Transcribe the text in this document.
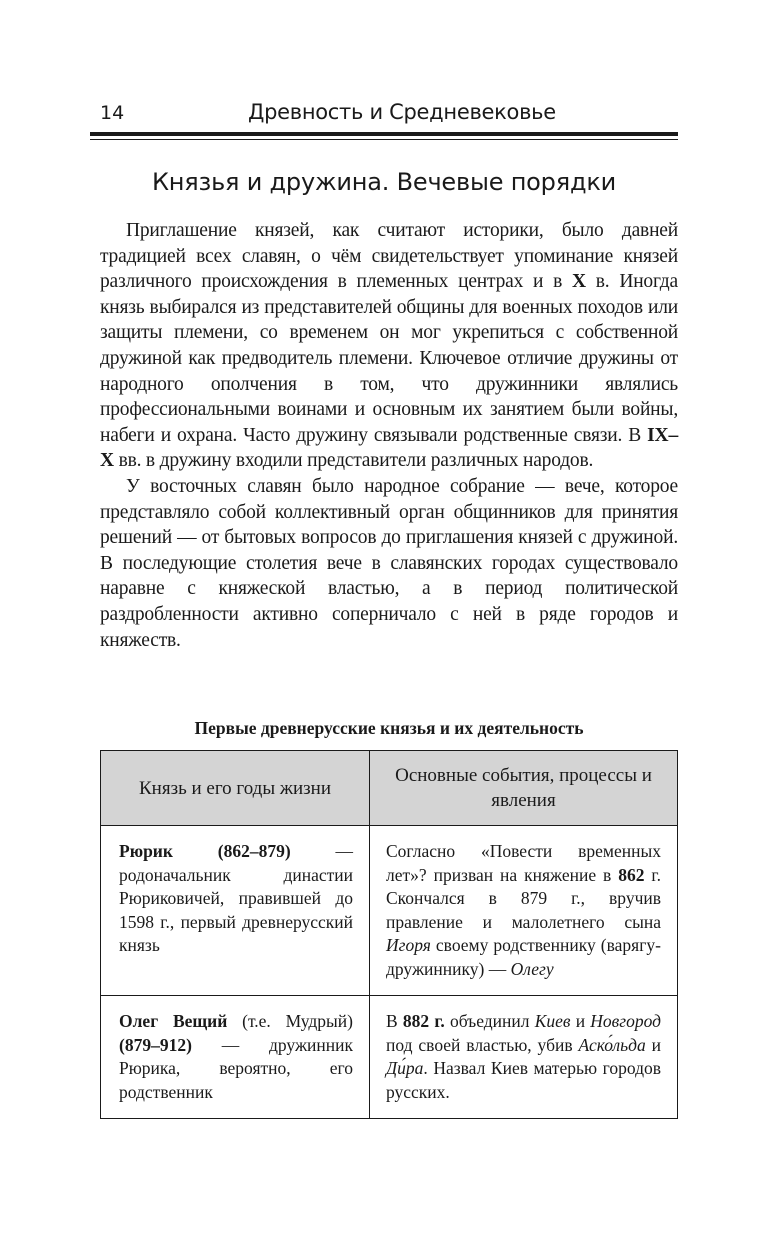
14	Древность и Средневековье
Князья и дружина. Вечевые порядки

Приглашение князей, как считают историки, было давней традицией всех славян, о чём свидетельствует упоминание князей различного происхождения в племенных центрах и в X в. Иногда князь выбирался из представителей общины для военных походов или защиты племени, со временем он мог укрепиться с собственной дружиной как предводитель племени. Ключевое отличие дружины от народного ополчения в том, что дружинники являлись профессиональными воинами и основным их занятием были войны, набеги и охрана. Часто дружину связывали родственные связи. В IX–X вв. в дружину входили представители различных народов.

У восточных славян было народное собрание — вече, которое представляло собой коллективный орган общинников для принятия решений — от бытовых вопросов до приглашения князей с дружиной. В последующие столетия вече в славянских городах существовало наравне с княжеской властью, а в период политической раздробленности активно соперничало с ней в ряде городов и княжеств.

Первые древнерусские князья и их деятельность

Князь и его годы жизни	Основные события, процессы и явления
Рюрик (862–879) — родоначальник династии Рюриковичей, правившей до 1598 г., первый древнерусский князь	Согласно «Повести временных лет»? призван на княжение в 862 г. Скончался в 879 г., вручив правление и малолетнего сына Игоря своему родственнику (варягу-дружиннику) — Олегу
Олег Вещий (т.е. Мудрый) (879–912) — дружинник Рюрика, вероятно, его родственник	В 882 г. объединил Киев и Новгород под своей властью, убив Аско́льда и Ди́ра. Назвал Киев матерью городов русских.
